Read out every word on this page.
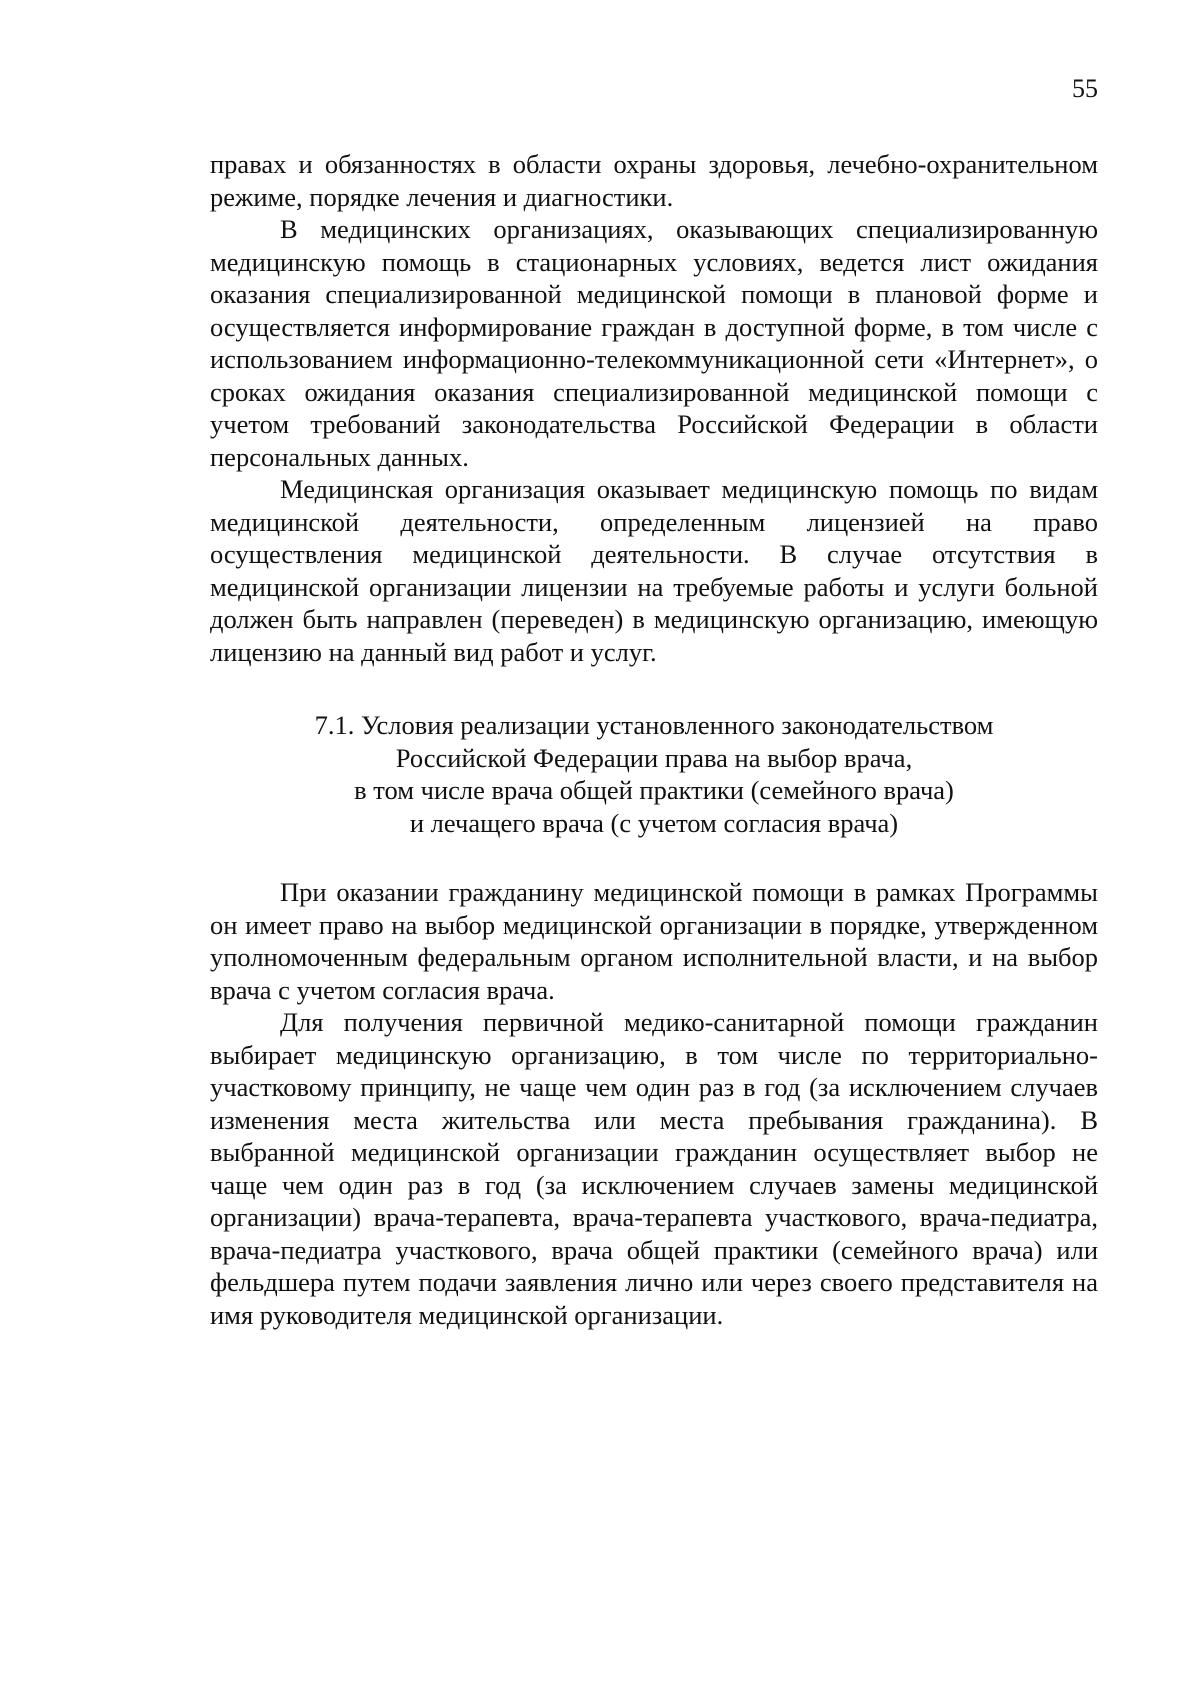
55

правах и обязанностях в области охраны здоровья, лечебно-охранительном режиме, порядке лечения и диагностики.

В медицинских организациях, оказывающих специализированную медицинскую помощь в стационарных условиях, ведется лист ожидания оказания специализированной медицинской помощи в плановой форме и осуществляется информирование граждан в доступной форме, в том числе с использованием информационно-телекоммуникационной сети «Интернет», о сроках ожидания оказания специализированной медицинской помощи с учетом требований законодательства Российской Федерации в области персональных данных.

Медицинская организация оказывает медицинскую помощь по видам медицинской деятельности, определенным лицензией на право осуществления медицинской деятельности. В случае отсутствия в медицинской организации лицензии на требуемые работы и услуги больной должен быть направлен (переведен) в медицинскую организацию, имеющую лицензию на данный вид работ и услуг.

7.1. Условия реализации установленного законодательством
Российской Федерации права на выбор врача,
в том числе врача общей практики (семейного врача)
и лечащего врача (с учетом согласия врача)

При оказании гражданину медицинской помощи в рамках Программы он имеет право на выбор медицинской организации в порядке, утвержденном уполномоченным федеральным органом исполнительной власти, и на выбор врача с учетом согласия врача.

Для получения первичной медико-санитарной помощи гражданин выбирает медицинскую организацию, в том числе по территориально-участковому принципу, не чаще чем один раз в год (за исключением случаев изменения места жительства или места пребывания гражданина). В выбранной медицинской организации гражданин осуществляет выбор не чаще чем один раз в год (за исключением случаев замены медицинской организации) врача-терапевта, врача-терапевта участкового, врача-педиатра, врача-педиатра участкового, врача общей практики (семейного врача) или фельдшера путем подачи заявления лично или через своего представителя на имя руководителя медицинской организации.
